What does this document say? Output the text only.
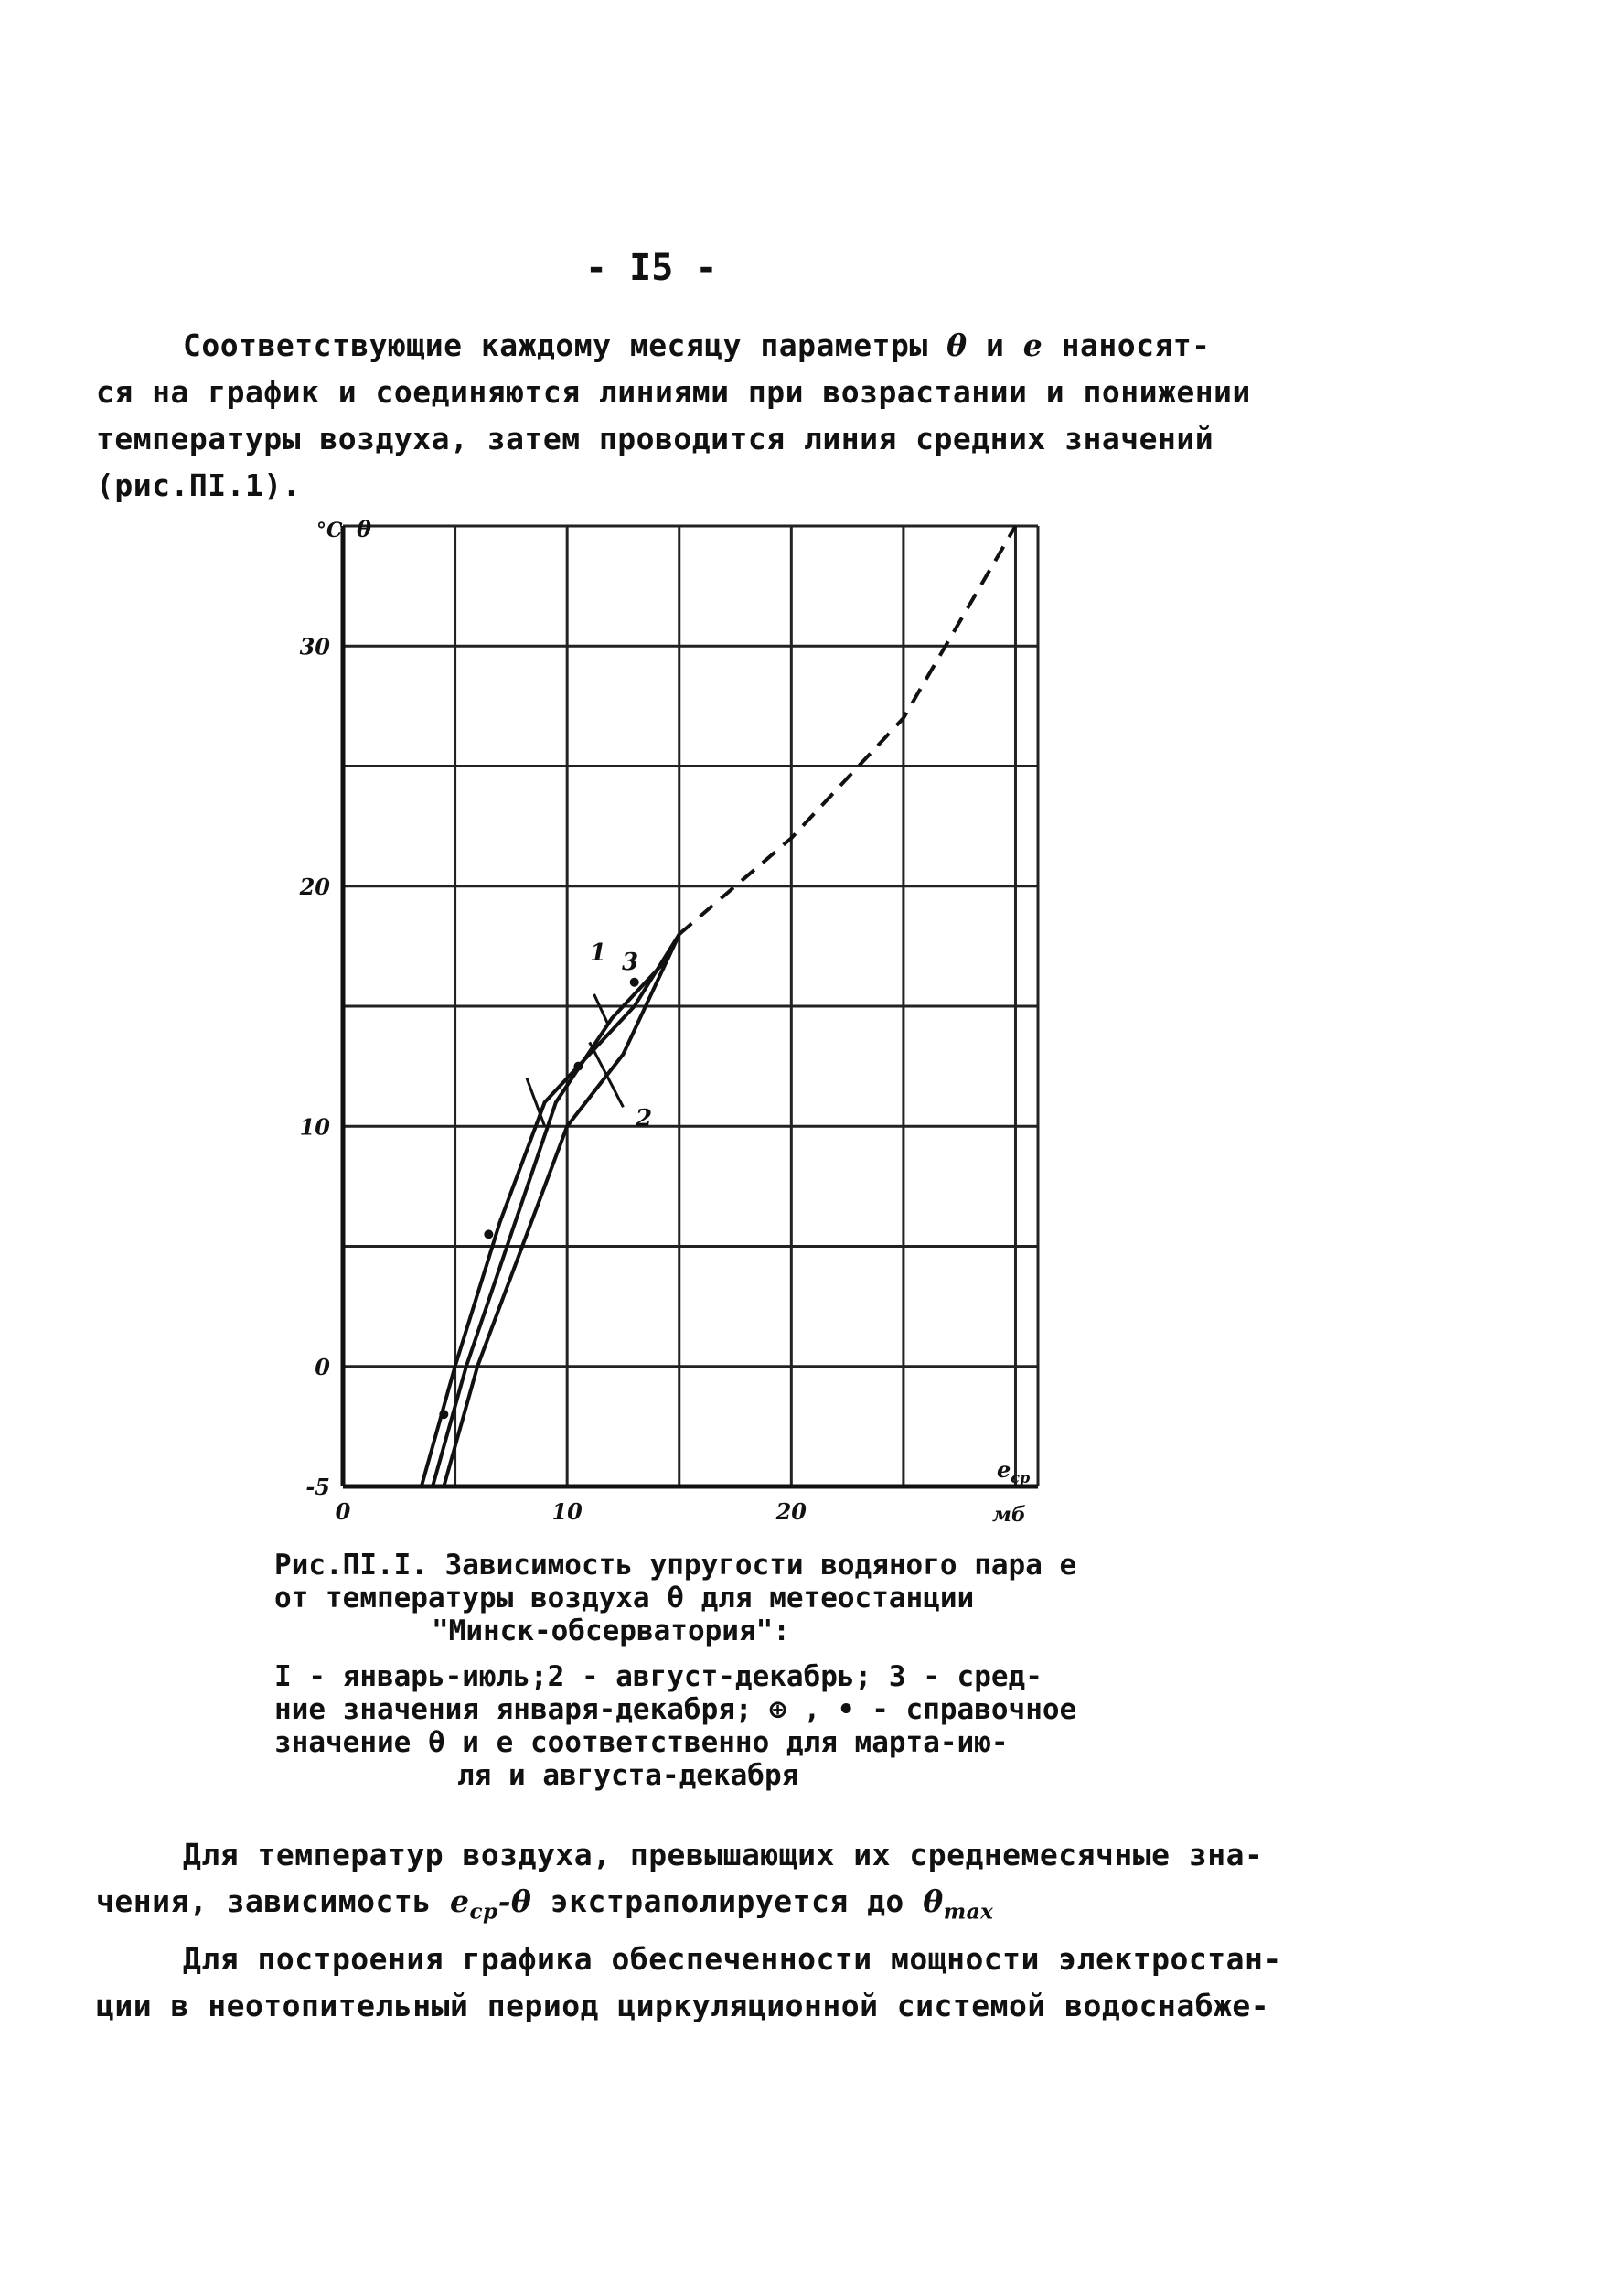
- I5 -
Соответствующие каждому месяцу параметры θ и e наносят-
ся на график и соединяются линиями при возрастании и понижении
температуры воздуха, затем проводится линия средних значений
(рис.ПI.1).
30
20
10
0
-5
0	10	20
°C θ
$e_{ср}$
мб
1
2
3
Рис.ПI.I. Зависимость упругости водяного пара e
от температуры воздуха θ для метеостанции
"Минск-обсерватория":
I - январь-июль;2 - август-декабрь; 3 - сред-
ние значения января-декабря; ⊕ , • - справочное
значение θ и e соответственно для марта-ию-
ля и августа-декабря
Для температур воздуха, превышающих их среднемесячные зна-
чения, зависимость $e_{ср}-\theta$ экстраполируется до $\theta_{max}$
Для построения графика обеспеченности мощности электростан-
ции в неотопительный период циркуляционной системой водоснабже-
